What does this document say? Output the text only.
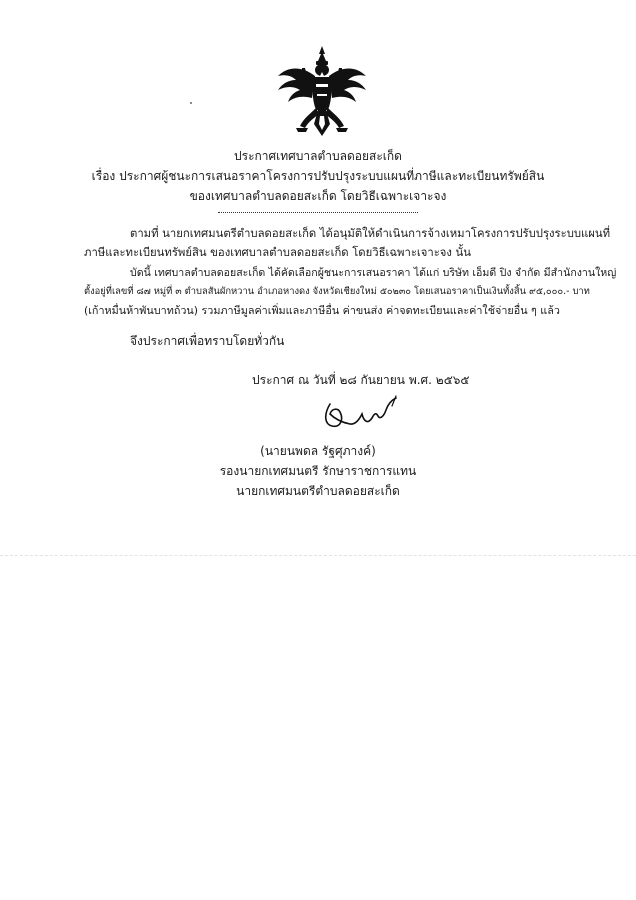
ประกาศเทศบาลตำบลดอยสะเก็ด
เรื่อง ประกาศผู้ชนะการเสนอราคาโครงการปรับปรุงระบบแผนที่ภาษีและทะเบียนทรัพย์สิน
ของเทศบาลตำบลดอยสะเก็ด โดยวิธีเฉพาะเจาะจง
ตามที่ นายกเทศมนตรีตำบลดอยสะเก็ด ได้อนุมัติให้ดำเนินการจ้างเหมาโครงการปรับปรุงระบบแผนที่
ภาษีและทะเบียนทรัพย์สิน ของเทศบาลตำบลดอยสะเก็ด โดยวิธีเฉพาะเจาะจง นั้น
บัดนี้ เทศบาลตำบลดอยสะเก็ด ได้คัดเลือกผู้ชนะการเสนอราคา ได้แก่ บริษัท เอ็มดี ปิง จำกัด มีสำนักงานใหญ่
ตั้งอยู่ที่เลขที่ ๘๗ หมู่ที่ ๓ ตำบลสันผักหวาน อำเภอหางดง จังหวัดเชียงใหม่ ๕๐๒๓๐ โดยเสนอราคาเป็นเงินทั้งสิ้น ๙๕,๐๐๐.- บาท
(เก้าหมื่นห้าพันบาทถ้วน) รวมภาษีมูลค่าเพิ่มและภาษีอื่น ค่าขนส่ง ค่าจดทะเบียนและค่าใช้จ่ายอื่น ๆ แล้ว
จึงประกาศเพื่อทราบโดยทั่วกัน
ประกาศ ณ วันที่ ๒๘ กันยายน พ.ศ. ๒๕๖๕
(นายนพดล รัฐศุภางค์)
รองนายกเทศมนตรี รักษาราชการแทน
นายกเทศมนตรีตำบลดอยสะเก็ด
